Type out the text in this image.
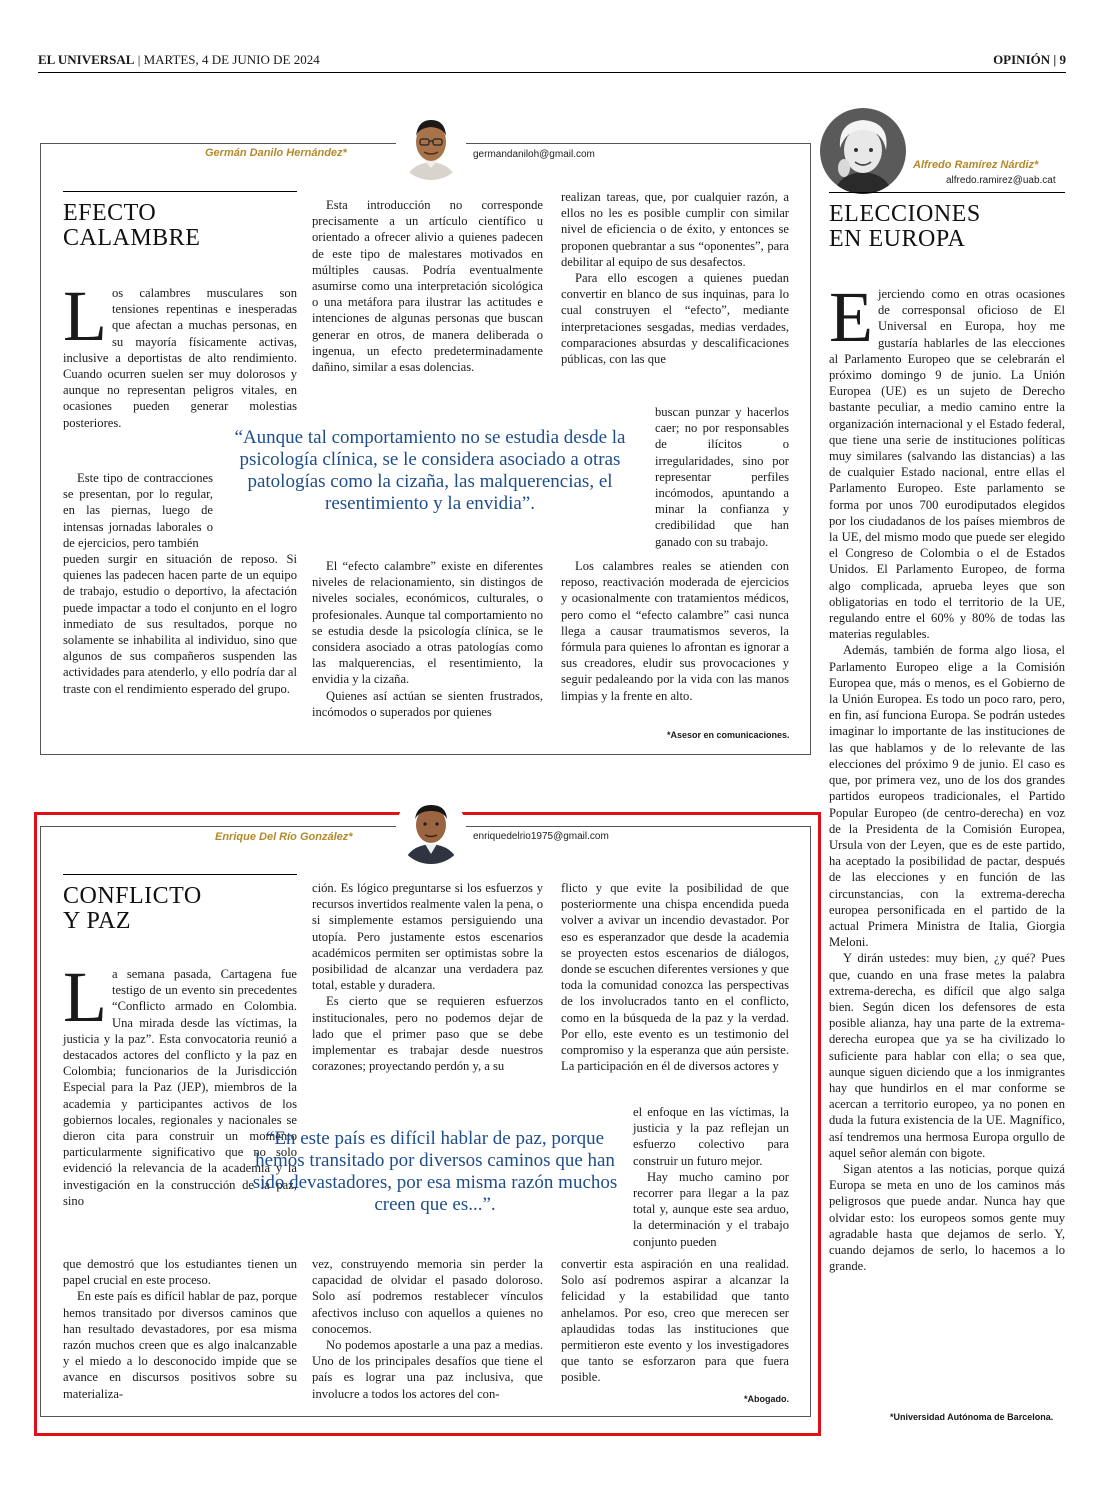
EL UNIVERSAL | MARTES, 4 DE JUNIO DE 2024	OPINIÓN | 9
Germán Danilo Hernández*	germandaniloh@gmail.com
EFECTO
CALAMBRE

Los calambres musculares son tensiones repentinas e inesperadas que afectan a muchas personas, en su mayoría físicamente activas, inclusive a deportistas de alto rendimiento. Cuando ocurren suelen ser muy dolorosos y aunque no representan peligros vitales, en ocasiones pueden generar molestias posteriores.

Este tipo de contracciones se presentan, por lo regular, en las piernas, luego de intensas jornadas laborales o de ejercicios, pero también

pueden surgir en situación de reposo. Si quienes las padecen hacen parte de un equipo de trabajo, estudio o deportivo, la afectación puede impactar a todo el conjunto en el logro inmediato de sus resultados, porque no solamente se inhabilita al individuo, sino que algunos de sus compañeros suspenden las actividades para atenderlo, y ello podría dar al traste con el rendimiento esperado del grupo.

Esta introducción no corresponde precisamente a un artículo científico u orientado a ofrecer alivio a quienes padecen de este tipo de malestares motivados en múltiples causas. Podría eventualmente asumirse como una interpretación sicológica o una metáfora para ilustrar las actitudes e intenciones de algunas personas que buscan generar en otros, de manera deliberada o ingenua, un efecto predeterminadamente dañino, similar a esas dolencias.

El “efecto calambre” existe en diferentes niveles de relacionamiento, sin distingos de niveles sociales, económicos, culturales, o profesionales. Aunque tal comportamiento no se estudia desde la psicología clínica, se le considera asociado a otras patologías como las malquerencias, el resentimiento, la envidia y la cizaña.

Quienes así actúan se sienten frustrados, incómodos o superados por quienes

realizan tareas, que, por cualquier razón, a ellos no les es posible cumplir con similar nivel de eficiencia o de éxito, y entonces se proponen quebrantar a sus “oponentes”, para debilitar al equipo de sus desafectos.

Para ello escogen a quienes puedan convertir en blanco de sus inquinas, para lo cual construyen el “efecto”, mediante interpretaciones sesgadas, medias verdades, comparaciones absurdas y descalificaciones públicas, con las que

buscan punzar y hacerlos caer; no por responsables de ilícitos o irregularidades, sino por representar perfiles incómodos, apuntando a minar la confianza y credibilidad que han ganado con su trabajo.

Los calambres reales se atienden con reposo, reactivación moderada de ejercicios y ocasionalmente con tratamientos médicos, pero como el “efecto calambre” casi nunca llega a causar traumatismos severos, la fórmula para quienes lo afrontan es ignorar a sus creadores, eludir sus provocaciones y seguir pedaleando por la vida con las manos limpias y la frente en alto.

“Aunque tal comportamiento no se estudia desde la psicología clínica, se le considera asociado a otras patologías como la cizaña, las malquerencias, el resentimiento y la envidia”.
*Asesor en comunicaciones.
Enrique Del Río González*	enriquedelrio1975@gmail.com
CONFLICTO
Y PAZ

La semana pasada, Cartagena fue testigo de un evento sin precedentes “Conflicto armado en Colombia. Una mirada desde las víctimas, la justicia y la paz”. Esta convocatoria reunió a destacados actores del conflicto y la paz en Colombia; funcionarios de la Jurisdicción Especial para la Paz (JEP), miembros de la academia y participantes activos de los gobiernos locales, regionales y nacionales se dieron cita para construir un momento particularmente significativo que no solo evidenció la relevancia de la academia y la investigación en la construcción de la paz, sino

que demostró que los estudiantes tienen un papel crucial en este proceso.

En este país es difícil hablar de paz, porque hemos transitado por diversos caminos que han resultado devastadores, por esa misma razón muchos creen que es algo inalcanzable y el miedo a lo desconocido impide que se avance en discursos positivos sobre su materializa-

ción. Es lógico preguntarse si los esfuerzos y recursos invertidos realmente valen la pena, o si simplemente estamos persiguiendo una utopía. Pero justamente estos escenarios académicos permiten ser optimistas sobre la posibilidad de alcanzar una verdadera paz total, estable y duradera.

Es cierto que se requieren esfuerzos institucionales, pero no podemos dejar de lado que el primer paso que se debe implementar es trabajar desde nuestros corazones; proyectando perdón y, a su

vez, construyendo memoria sin perder la capacidad de olvidar el pasado doloroso. Solo así podremos restablecer vínculos afectivos incluso con aquellos a quienes no conocemos.

No podemos apostarle a una paz a medias. Uno de los principales desafíos que tiene el país es lograr una paz inclusiva, que involucre a todos los actores del con-

flicto y que evite la posibilidad de que posteriormente una chispa encendida pueda volver a avivar un incendio devastador. Por eso es esperanzador que desde la academia se proyecten estos escenarios de diálogos, donde se escuchen diferentes versiones y que toda la comunidad conozca las perspectivas de los involucrados tanto en el conflicto, como en la búsqueda de la paz y la verdad. Por ello, este evento es un testimonio del compromiso y la esperanza que aún persiste. La participación en él de diversos actores y

el enfoque en las víctimas, la justicia y la paz reflejan un esfuerzo colectivo para construir un futuro mejor.

Hay mucho camino por recorrer para llegar a la paz total y, aunque este sea arduo, la determinación y el trabajo conjunto pueden

convertir esta aspiración en una realidad. Solo así podremos aspirar a alcanzar la felicidad y la estabilidad que tanto anhelamos. Por eso, creo que merecen ser aplaudidas todas las instituciones que permitieron este evento y los investigadores que tanto se esforzaron para que fuera posible.

“En este país es difícil hablar de paz, porque hemos transitado por diversos caminos que han sido devastadores, por esa misma razón muchos creen que es...”.
*Abogado.
Alfredo Ramírez Nárdiz*
alfredo.ramirez@uab.cat
ELECCIONES
EN EUROPA

Ejerciendo como en otras ocasiones de corresponsal oficioso de El Universal en Europa, hoy me gustaría hablarles de las elecciones al Parlamento Europeo que se celebrarán el próximo domingo 9 de junio. La Unión Europea (UE) es un sujeto de Derecho bastante peculiar, a medio camino entre la organización internacional y el Estado federal, que tiene una serie de instituciones políticas muy similares (salvando las distancias) a las de cualquier Estado nacional, entre ellas el Parlamento Europeo. Este parlamento se forma por unos 700 eurodiputados elegidos por los ciudadanos de los países miembros de la UE, del mismo modo que puede ser elegido el Congreso de Colombia o el de Estados Unidos. El Parlamento Europeo, de forma algo complicada, aprueba leyes que son obligatorias en todo el territorio de la UE, regulando entre el 60% y 80% de todas las materias regulables.

Además, también de forma algo liosa, el Parlamento Europeo elige a la Comisión Europea que, más o menos, es el Gobierno de la Unión Europea. Es todo un poco raro, pero, en fin, así funciona Europa. Se podrán ustedes imaginar lo importante de las instituciones de las que hablamos y de lo relevante de las elecciones del próximo 9 de junio. El caso es que, por primera vez, uno de los dos grandes partidos europeos tradicionales, el Partido Popular Europeo (de centro-derecha) en voz de la Presidenta de la Comisión Europea, Ursula von der Leyen, que es de este partido, ha aceptado la posibilidad de pactar, después de las elecciones y en función de las circunstancias, con la extrema-derecha europea personificada en el partido de la actual Primera Ministra de Italia, Giorgia Meloni.

Y dirán ustedes: muy bien, ¿y qué? Pues que, cuando en una frase metes la palabra extrema-derecha, es difícil que algo salga bien. Según dicen los defensores de esta posible alianza, hay una parte de la extrema-derecha europea que ya se ha civilizado lo suficiente para hablar con ella; o sea que, aunque siguen diciendo que a los inmigrantes hay que hundirlos en el mar conforme se acercan a territorio europeo, ya no ponen en duda la futura existencia de la UE. Magnífico, así tendremos una hermosa Europa orgullo de aquel señor alemán con bigote.

Sigan atentos a las noticias, porque quizá Europa se meta en uno de los caminos más peligrosos que puede andar. Nunca hay que olvidar esto: los europeos somos gente muy agradable hasta que dejamos de serlo. Y, cuando dejamos de serlo, lo hacemos a lo grande.

*Universidad Autónoma de Barcelona.
